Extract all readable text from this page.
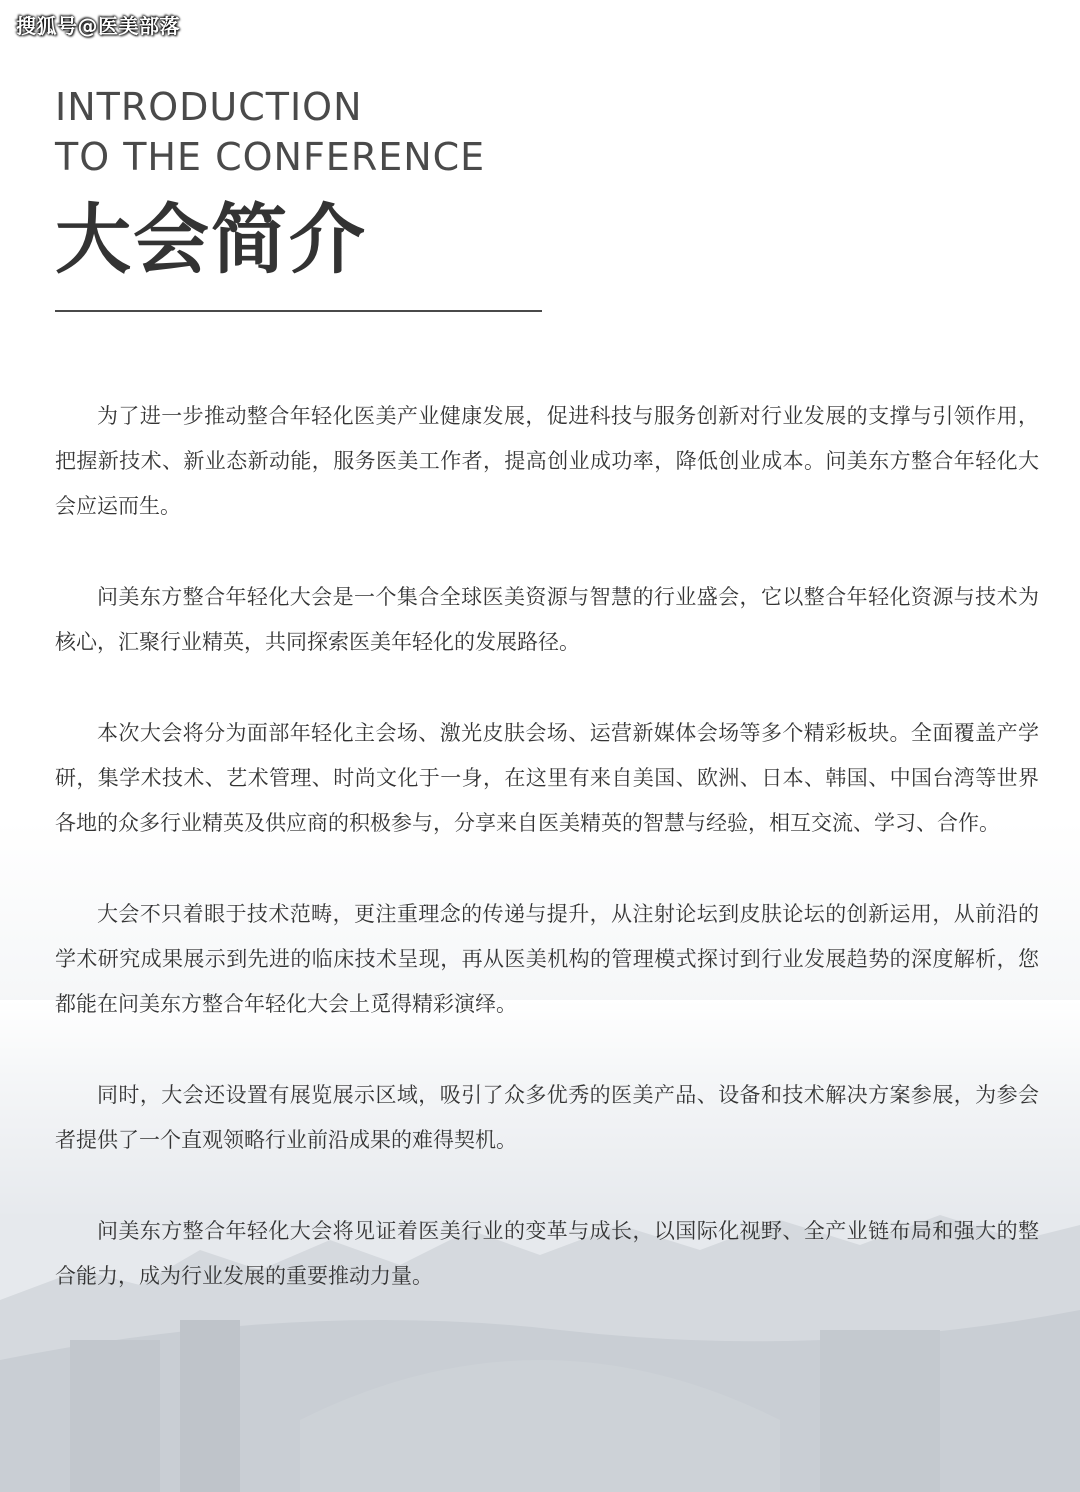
搜狐号@医美部落
INTRODUCTION
TO THE CONFERENCE
大会简介

为了进一步推动整合年轻化医美产业健康发展，促进科技与服务创新对行业发展的支撑与引领作用，把握新技术、新业态新动能，服务医美工作者，提高创业成功率，降低创业成本。问美东方整合年轻化大会应运而生。

问美东方整合年轻化大会是一个集合全球医美资源与智慧的行业盛会，它以整合年轻化资源与技术为核心，汇聚行业精英，共同探索医美年轻化的发展路径。

本次大会将分为面部年轻化主会场、激光皮肤会场、运营新媒体会场等多个精彩板块。全面覆盖产学研，集学术技术、艺术管理、时尚文化于一身，在这里有来自美国、欧洲、日本、韩国、中国台湾等世界各地的众多行业精英及供应商的积极参与，分享来自医美精英的智慧与经验，相互交流、学习、合作。

大会不只着眼于技术范畴，更注重理念的传递与提升，从注射论坛到皮肤论坛的创新运用，从前沿的学术研究成果展示到先进的临床技术呈现，再从医美机构的管理模式探讨到行业发展趋势的深度解析，您都能在问美东方整合年轻化大会上觅得精彩演绎。

同时，大会还设置有展览展示区域，吸引了众多优秀的医美产品、设备和技术解决方案参展，为参会者提供了一个直观领略行业前沿成果的难得契机。

问美东方整合年轻化大会将见证着医美行业的变革与成长，以国际化视野、全产业链布局和强大的整合能力，成为行业发展的重要推动力量。
